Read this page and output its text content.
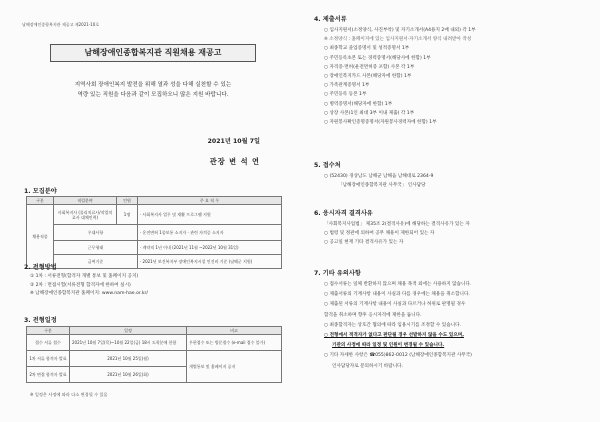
남해장애인종합복지관 제공고 제2021-10호
남해장애인종합복지관 직원채용 재공고
지역사회 장애인복지 발전을 위해 열과 성을 다해 실천할 수 있는
역량 있는 직원을 다음과 같이 모집하오니 많은 지원 바랍니다.
2021년 10월 7일
관장 변 석 연
1. 모집분야
구분	직렬분야	인원	주 요 직 무
채용직종	사회복지사 (물리치료사/작업치료사 대체인력)	1명	· 사회복지사 업무 및 재활 프로그램 지원
	우대사항		· 운전면허 1종보통 소지자 · 관련 자격증 소지자
	근무형태		· 계약직 1년 이내 (2021년 11월 ~2022년 10월 31일)
	급여기준		· 2021년 보건복지부 장애인복지시설 인건비 기준 (남해군 지원)
2. 전형방법
① 1차 : 서류전형(합격자 개별 통보 및 홈페이지 공지)
② 2차 : 면접시험(서류전형 합격자에 한하여 실시)
※ 남해장애인종합복지관 홈페이지: www.nam-hae.or.kr/
3. 전형일정
구분	일정	비고
접수 서류 접수	2021년 10월 7일(목)~10월 22일(금) 18시 도착분에 한함	우편접수 또는 방문접수 (e-mail 접수 불가)
1차 서류 합격자 발표	2021년 10월 25일(월)	개별통보 및 홈페이지 공지
2차 면접 합격자 발표	2021년 10월 26일(화)	
※ 일정은 사정에 따라 다소 변경될 수 있음
4. 제출서류
○ 입사지원서(소정양식, 사진부착) 및 자기소개서(A4용지 2매 내외) 각 1부
※ 소정양식 : 홈페이지에 있는 입사지원서·자기소개서 양식 내려받아 작성
○ 최종학교 졸업증명서 및 성적증명서 1부
○ 주민등록초본 또는 경력증명서(해당사에 한함) 1부
○ 자격증·면허(운전면허증 포함) 사본 각 1부
○ 장애인복지카드 사본(해당자에 한함) 1부
○ 가족관계증명서 1부
○ 주민등록 등본 1부
○ 병역증명서(해당자에 한함) 1부
○ 상장 사본(1인 최대 3부 이내 제출) 각 1부
○ 자원봉사확인증명증명서(자원봉사경력자에 한함) 1부
5. 접수처
○ (52430) 경상남도 남해군 남해읍 남해대로 2364-9
「남해장애인종합복지관 사무국」 인사담당
6. 응시자격 결격사유
「사회복지사업법」 제35조 2(결격사유)에 해당하는 결격사유가 있는 자
○ 법령 및 정관에 의하여 공무 채용이 제한되어 있는 자
○ 공고일 현재 기타 결격사유가 있는 자
7. 기타 유의사항
○ 접수서류는 일체 반환하지 않으며 채용 목적 외에는 사용하지 않습니다.
○ 제출서류의 기재사항 내용이 사실과 다를 경우에는 채용을 취소합니다.
○ 제출된 서류의 기재사항 내용이 사실과 다르거나 허위로 판명될 경우
합격을 취소하며 향후 응시자격에 제한을 둡니다.
○ 최종합격자는 상호간 협의에 따라 임용시기를 조정할 수 있습니다.
○ 전형에서 적격자가 없다고 판단될 경우 선발하지 않을 수도 있으며,
기관의 사정에 따라 일정 및 인원이 변경될 수 있습니다.
○ 기타 자세한 사항은 ☎055)862-0012 (남해장애인종합복지관 사무국)
인사담당자로 문의하시기 바랍니다.
